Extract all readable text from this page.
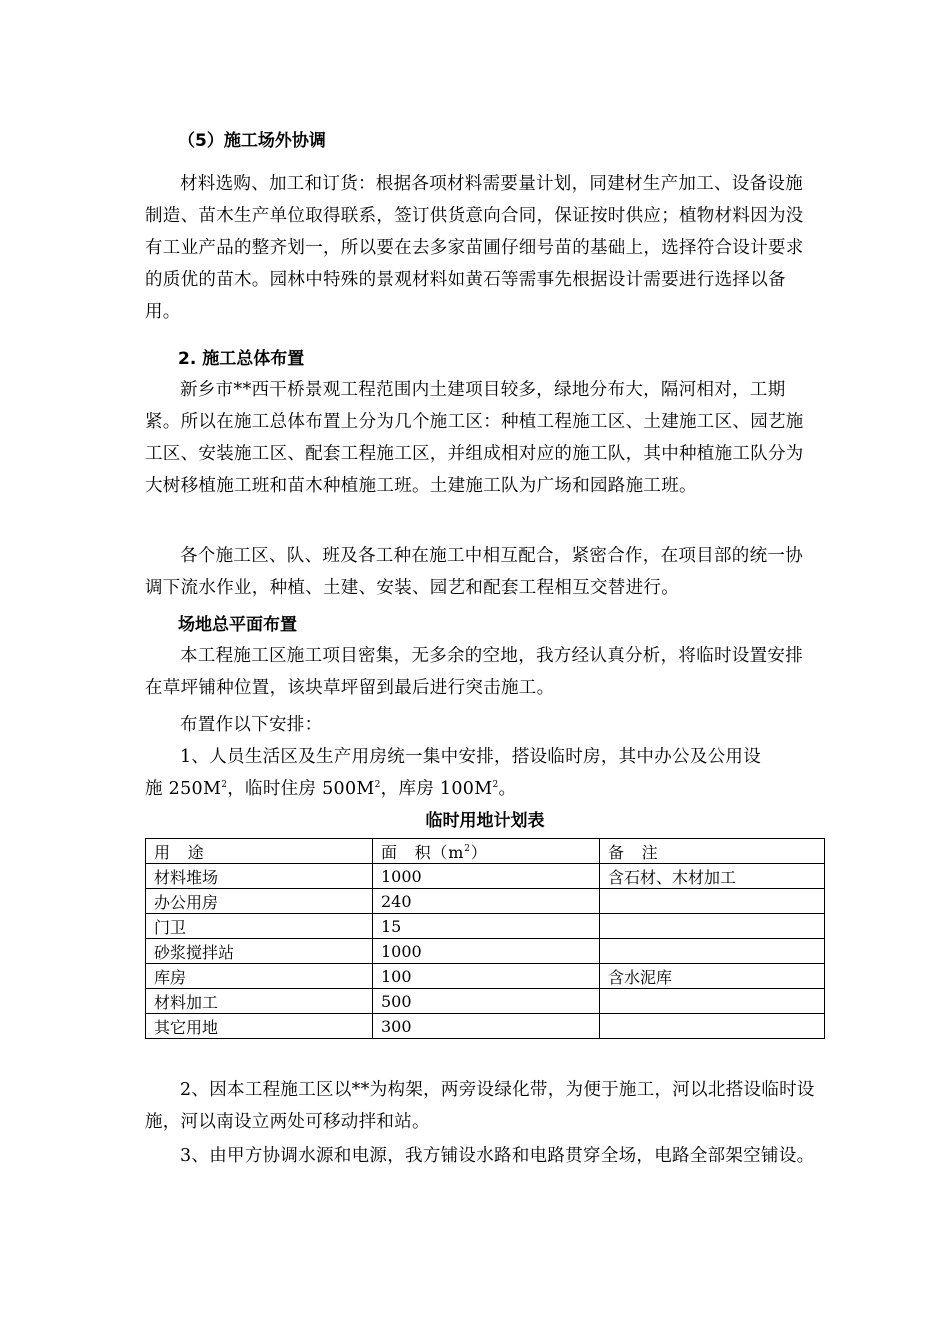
（5）施工场外协调

材料选购、加工和订货：根据各项材料需要量计划，同建材生产加工、设备设施制造、苗木生产单位取得联系，签订供货意向合同，保证按时供应；植物材料因为没有工业产品的整齐划一，所以要在去多家苗圃仔细号苗的基础上，选择符合设计要求的质优的苗木。园林中特殊的景观材料如黄石等需事先根据设计需要进行选择以备用。

2. 施工总体布置

新乡市**西干桥景观工程范围内土建项目较多，绿地分布大，隔河相对，工期紧。所以在施工总体布置上分为几个施工区：种植工程施工区、土建施工区、园艺施工区、安装施工区、配套工程施工区，并组成相对应的施工队，其中种植施工队分为大树移植施工班和苗木种植施工班。土建施工队为广场和园路施工班。

各个施工区、队、班及各工种在施工中相互配合，紧密合作，在项目部的统一协调下流水作业，种植、土建、安装、园艺和配套工程相互交替进行。

场地总平面布置

本工程施工区施工项目密集，无多余的空地，我方经认真分析，将临时设置安排在草坪铺种位置，该块草坪留到最后进行突击施工。

布置作以下安排：
1、人员生活区及生产用房统一集中安排，搭设临时房，其中办公及公用设
施 $250M^2$，临时住房 $500M^2$，库房 $100M^2$。
临时用地计划表
用　途	面　积$(m^2)$	备　注
材料堆场	1000	含石材、木材加工
办公用房	240	
门卫	15	
砂浆搅拌站	1000	
库房	100	含水泥库
材料加工	500	
其它用地	300	

2、因本工程施工区以**为构架，两旁设绿化带，为便于施工，河以北搭设临时设施，河以南设立两处可移动拌和站。

3、由甲方协调水源和电源，我方铺设水路和电路贯穿全场，电路全部架空铺设。
